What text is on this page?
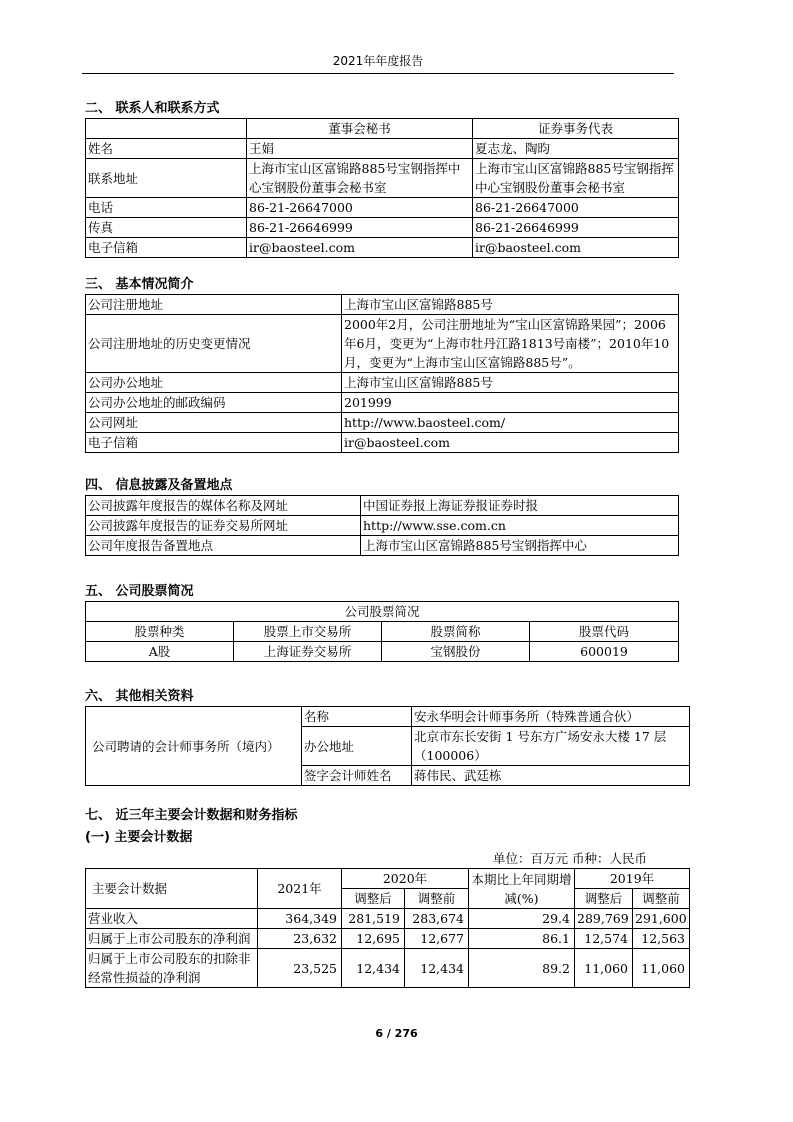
2021年年度报告
二、 联系人和联系方式
	董事会秘书	证券事务代表
姓名	王娟	夏志龙、陶昀
联系地址	上海市宝山区富锦路885号宝钢指挥中心宝钢股份董事会秘书室	上海市宝山区富锦路885号宝钢指挥中心宝钢股份董事会秘书室
电话	86-21-26647000	86-21-26647000
传真	86-21-26646999	86-21-26646999
电子信箱	ir@baosteel.com	ir@baosteel.com
三、 基本情况简介
公司注册地址	上海市宝山区富锦路885号
公司注册地址的历史变更情况	2000年2月，公司注册地址为“宝山区富锦路果园”；2006年6月，变更为“上海市牡丹江路1813号南楼”；2010年10月，变更为“上海市宝山区富锦路885号”。
公司办公地址	上海市宝山区富锦路885号
公司办公地址的邮政编码	201999
公司网址	http://www.baosteel.com/
电子信箱	ir@baosteel.com
四、 信息披露及备置地点
公司披露年度报告的媒体名称及网址	中国证券报上海证券报证券时报
公司披露年度报告的证券交易所网址	http://www.sse.com.cn
公司年度报告备置地点	上海市宝山区富锦路885号宝钢指挥中心
五、 公司股票简况
公司股票简况			
股票种类	股票上市交易所	股票简称	股票代码
A股	上海证券交易所	宝钢股份	600019
六、 其他相关资料
公司聘请的会计师事务所（境内）	名称	安永华明会计师事务所（特殊普通合伙）
	办公地址	北京市东长安街 1 号东方广场安永大楼 17 层（100006）
	签字会计师姓名	蒋伟民、武廷栋
七、 近三年主要会计数据和财务指标
(一) 主要会计数据
单位：百万元 币种：人民币
主要会计数据	2021年	2020年		本期比上年同期增减(%)	2019年	
		调整后	调整前		调整后	调整前
营业收入	364,349	281,519	283,674	29.4	289,769	291,600
归属于上市公司股东的净利润	23,632	12,695	12,677	86.1	12,574	12,563
归属于上市公司股东的扣除非经常性损益的净利润	23,525	12,434	12,434	89.2	11,060	11,060
6 / 276
